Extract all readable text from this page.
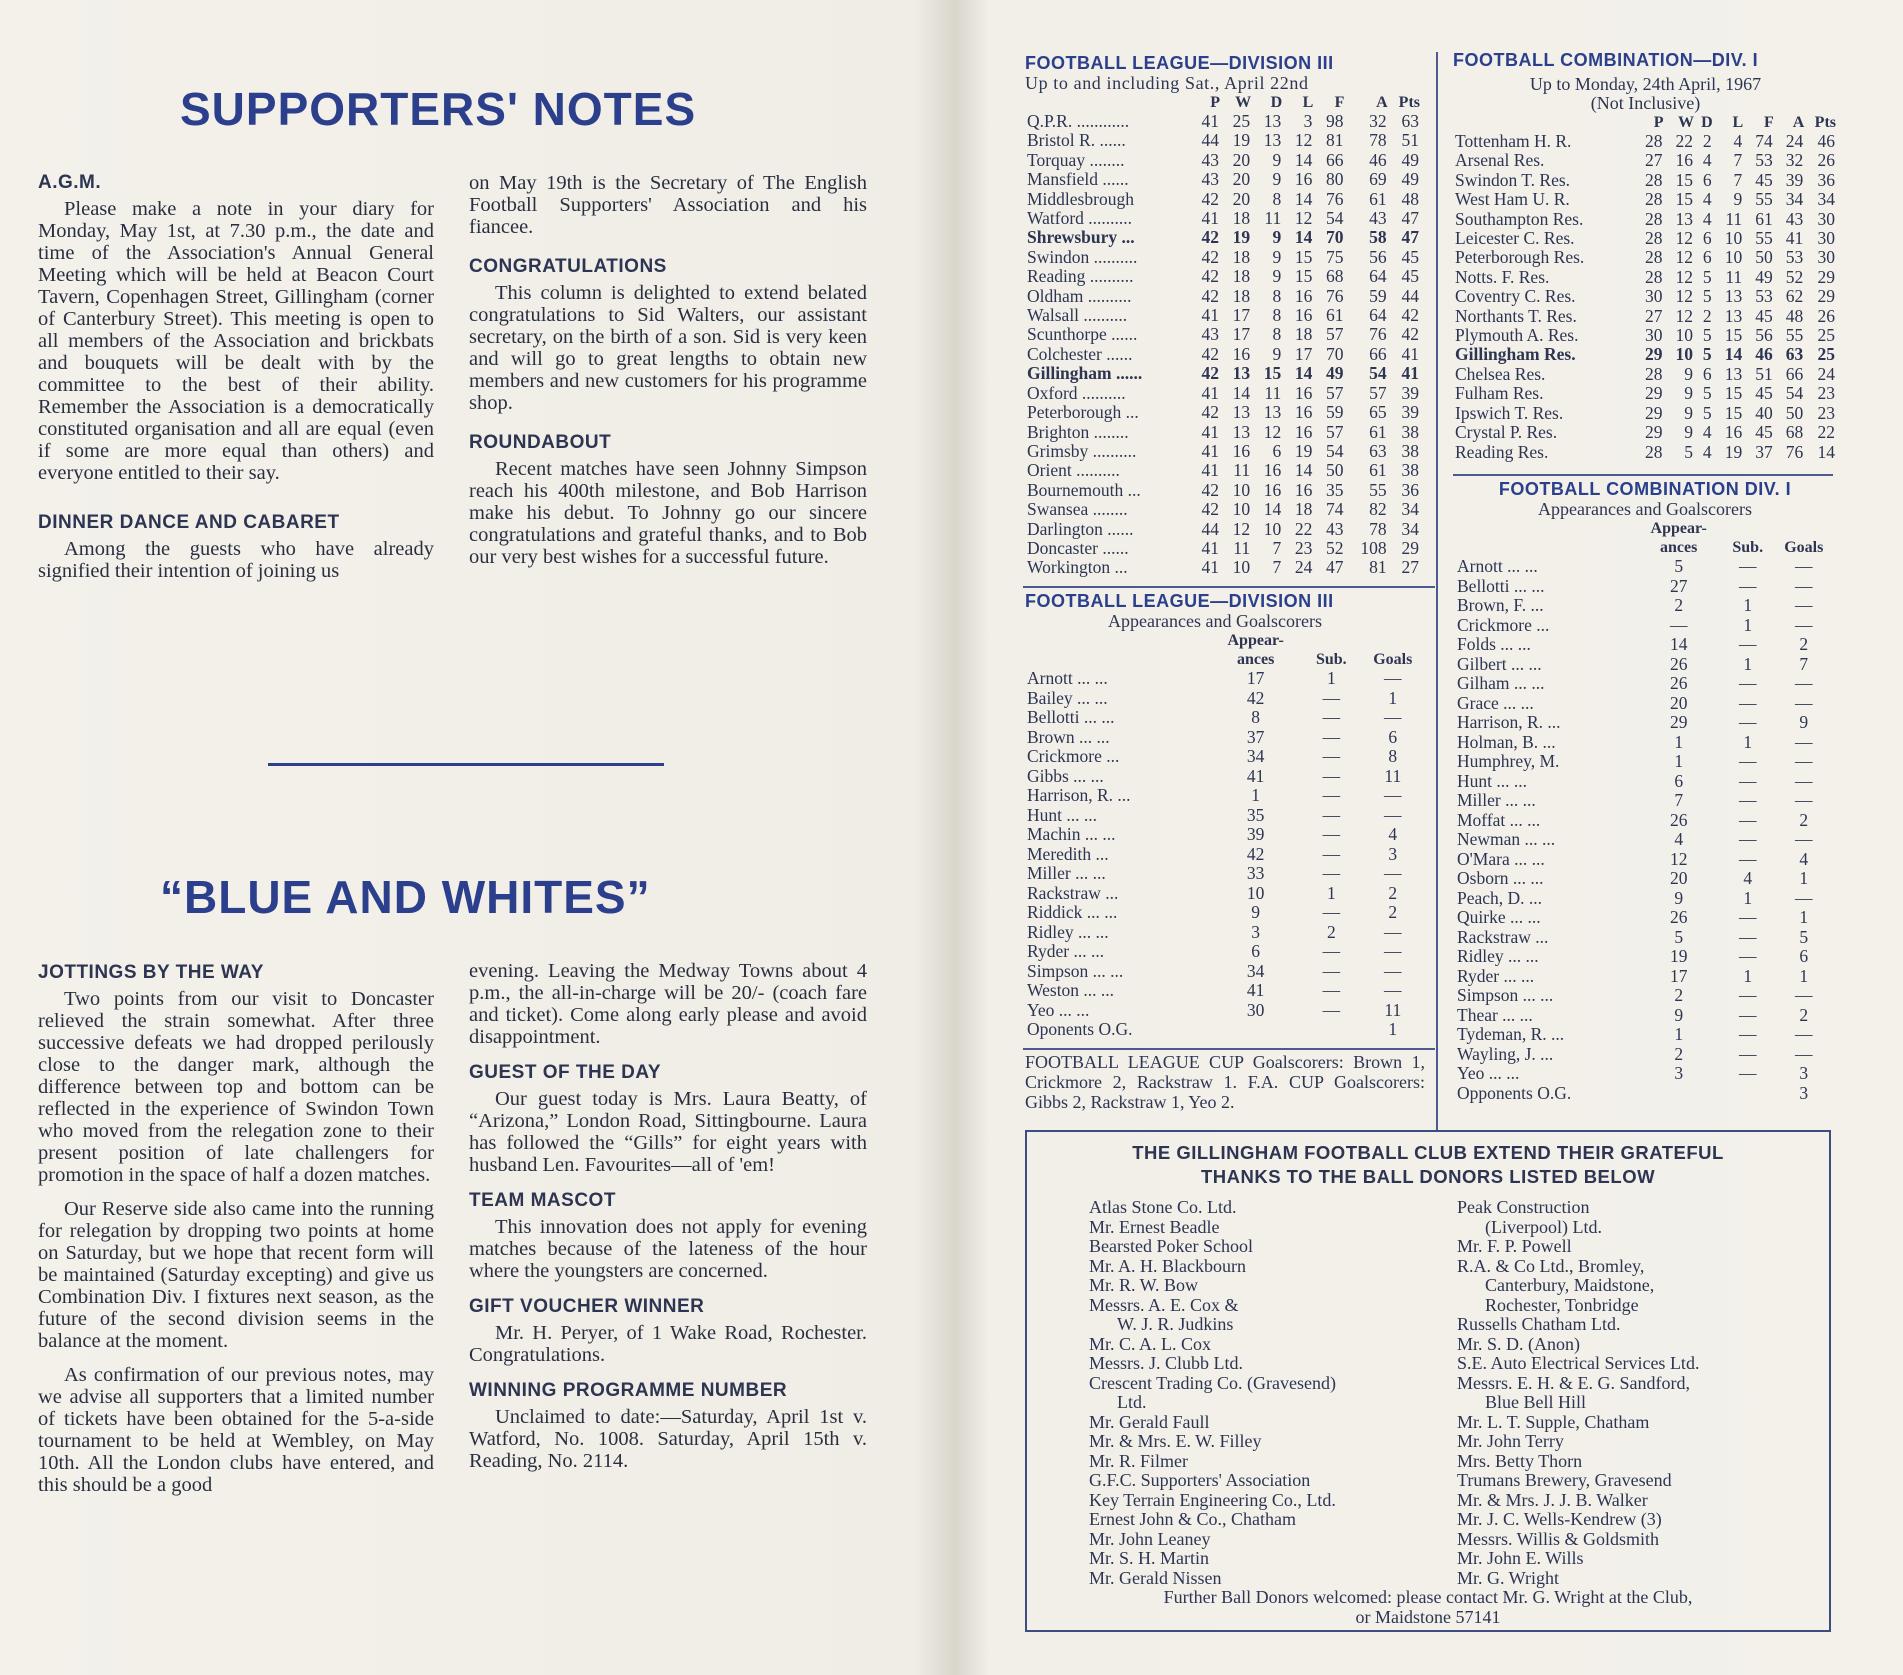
SUPPORTERS' NOTES
A.G.M.

Please make a note in your diary for Monday, May 1st, at 7.30 p.m., the date and time of the Association's Annual General Meeting which will be held at Beacon Court Tavern, Copenhagen Street, Gillingham (corner of Canterbury Street). This meeting is open to all members of the Association and brickbats and bouquets will be dealt with by the committee to the best of their ability. Remember the Association is a democratically constituted organisation and all are equal (even if some are more equal than others) and everyone entitled to their say.

DINNER DANCE AND CABARET

Among the guests who have already signified their intention of joining us

on May 19th is the Secretary of The English Football Supporters' Association and his fiancee.

CONGRATULATIONS

This column is delighted to extend belated congratulations to Sid Walters, our assistant secretary, on the birth of a son. Sid is very keen and will go to great lengths to obtain new members and new customers for his programme shop.

ROUNDABOUT

Recent matches have seen Johnny Simpson reach his 400th milestone, and Bob Harrison make his debut. To Johnny go our sincere congratulations and grateful thanks, and to Bob our very best wishes for a successful future.

“BLUE AND WHITES”
JOTTINGS BY THE WAY

Two points from our visit to Doncaster relieved the strain somewhat. After three successive defeats we had dropped perilously close to the danger mark, although the difference between top and bottom can be reflected in the experience of Swindon Town who moved from the relegation zone to their present position of late challengers for promotion in the space of half a dozen matches.

Our Reserve side also came into the running for relegation by dropping two points at home on Saturday, but we hope that recent form will be maintained (Saturday excepting) and give us Combination Div. I fixtures next season, as the future of the second division seems in the balance at the moment.

As confirmation of our previous notes, may we advise all supporters that a limited number of tickets have been obtained for the 5-a-side tournament to be held at Wembley, on May 10th. All the London clubs have entered, and this should be a good

evening. Leaving the Medway Towns about 4 p.m., the all-in-charge will be 20/- (coach fare and ticket). Come along early please and avoid disappointment.

GUEST OF THE DAY

Our guest today is Mrs. Laura Beatty, of “Arizona,” London Road, Sittingbourne. Laura has followed the “Gills” for eight years with husband Len. Favourites—all of 'em!

TEAM MASCOT

This innovation does not apply for evening matches because of the lateness of the hour where the youngsters are concerned.

GIFT VOUCHER WINNER

Mr. H. Peryer, of 1 Wake Road, Rochester. Congratulations.

WINNING PROGRAMME NUMBER

Unclaimed to date:—Saturday, April 1st v. Watford, No. 1008. Saturday, April 15th v. Reading, No. 2114.

FOOTBALL LEAGUE—DIVISION III
Up to and including Sat., April 22nd
	P	W	D	L	F	A	Pts
Q.P.R. ............	41	25	13	3	98	32	63
Bristol R. ......	44	19	13	12	81	78	51
Torquay ........	43	20	9	14	66	46	49
Mansfield ......	43	20	9	16	80	69	49
Middlesbrough	42	20	8	14	76	61	48
Watford ..........	41	18	11	12	54	43	47
Shrewsbury ...	42	19	9	14	70	58	47
Swindon ..........	42	18	9	15	75	56	45
Reading ..........	42	18	9	15	68	64	45
Oldham ..........	42	18	8	16	76	59	44
Walsall ..........	41	17	8	16	61	64	42
Scunthorpe ......	43	17	8	18	57	76	42
Colchester ......	42	16	9	17	70	66	41
Gillingham ......	42	13	15	14	49	54	41
Oxford ..........	41	14	11	16	57	57	39
Peterborough ...	42	13	13	16	59	65	39
Brighton ........	41	13	12	16	57	61	38
Grimsby ..........	41	16	6	19	54	63	38
Orient ..........	41	11	16	14	50	61	38
Bournemouth ...	42	10	16	16	35	55	36
Swansea ........	42	10	14	18	74	82	34
Darlington ......	44	12	10	22	43	78	34
Doncaster ......	41	11	7	23	52	108	29
Workington ...	41	10	7	24	47	81	27
FOOTBALL LEAGUE—DIVISION III
Appearances and Goalscorers
	Appear-		
	ances	Sub.	Goals
Arnott ... ...	17	1	—
Bailey ... ...	42	—	1
Bellotti ... ...	8	—	—
Brown ... ...	37	—	6
Crickmore ...	34	—	8
Gibbs ... ...	41	—	11
Harrison, R. ...	1	—	—
Hunt ... ...	35	—	—
Machin ... ...	39	—	4
Meredith ...	42	—	3
Miller ... ...	33	—	—
Rackstraw ...	10	1	2
Riddick ... ...	9	—	2
Ridley ... ...	3	2	—
Ryder ... ...	6	—	—
Simpson ... ...	34	—	—
Weston ... ...	41	—	—
Yeo ... ...	30	—	11
Oponents O.G.			1
FOOTBALL LEAGUE CUP Goalscorers: Brown 1, Crickmore 2, Rackstraw 1. F.A. CUP Goalscorers: Gibbs 2, Rackstraw 1, Yeo 2.
FOOTBALL COMBINATION—DIV. I
Up to Monday, 24th April, 1967
(Not Inclusive)
	P	W	D	L	F	A	Pts
Tottenham H. R.	28	22	2	4	74	24	46
Arsenal Res.	27	16	4	7	53	32	26
Swindon T. Res.	28	15	6	7	45	39	36
West Ham U. R.	28	15	4	9	55	34	34
Southampton Res.	28	13	4	11	61	43	30
Leicester C. Res.	28	12	6	10	55	41	30
Peterborough Res.	28	12	6	10	50	53	30
Notts. F. Res.	28	12	5	11	49	52	29
Coventry C. Res.	30	12	5	13	53	62	29
Northants T. Res.	27	12	2	13	45	48	26
Plymouth A. Res.	30	10	5	15	56	55	25
Gillingham Res.	29	10	5	14	46	63	25
Chelsea Res.	28	9	6	13	51	66	24
Fulham Res.	29	9	5	15	45	54	23
Ipswich T. Res.	29	9	5	15	40	50	23
Crystal P. Res.	29	9	4	16	45	68	22
Reading Res.	28	5	4	19	37	76	14
FOOTBALL COMBINATION DIV. I
Appearances and Goalscorers
	Appear-		
	ances	Sub.	Goals
Arnott ... ...	5	—	—
Bellotti ... ...	27	—	—
Brown, F. ...	2	1	—
Crickmore ...	—	1	—
Folds ... ...	14	—	2
Gilbert ... ...	26	1	7
Gilham ... ...	26	—	—
Grace ... ...	20	—	—
Harrison, R. ...	29	—	9
Holman, B. ...	1	1	—
Humphrey, M.	1	—	—
Hunt ... ...	6	—	—
Miller ... ...	7	—	—
Moffat ... ...	26	—	2
Newman ... ...	4	—	—
O'Mara ... ...	12	—	4
Osborn ... ...	20	4	1
Peach, D. ...	9	1	—
Quirke ... ...	26	—	1
Rackstraw ...	5	—	5
Ridley ... ...	19	—	6
Ryder ... ...	17	1	1
Simpson ... ...	2	—	—
Thear ... ...	9	—	2
Tydeman, R. ...	1	—	—
Wayling, J. ...	2	—	—
Yeo ... ...	3	—	3
Opponents O.G.			3
THE GILLINGHAM FOOTBALL CLUB EXTEND THEIR GRATEFUL
THANKS TO THE BALL DONORS LISTED BELOW
Atlas Stone Co. Ltd.
Mr. Ernest Beadle
Bearsted Poker School
Mr. A. H. Blackbourn
Mr. R. W. Bow
Messrs. A. E. Cox &
W. J. R. Judkins
Mr. C. A. L. Cox
Messrs. J. Clubb Ltd.
Crescent Trading Co. (Gravesend)
Ltd.
Mr. Gerald Faull
Mr. & Mrs. E. W. Filley
Mr. R. Filmer
G.F.C. Supporters' Association
Key Terrain Engineering Co., Ltd.
Ernest John & Co., Chatham
Mr. John Leaney
Mr. S. H. Martin
Mr. Gerald Nissen
Peak Construction
(Liverpool) Ltd.
Mr. F. P. Powell
R.A. & Co Ltd., Bromley,
Canterbury, Maidstone,
Rochester, Tonbridge
Russells Chatham Ltd.
Mr. S. D. (Anon)
S.E. Auto Electrical Services Ltd.
Messrs. E. H. & E. G. Sandford,
Blue Bell Hill
Mr. L. T. Supple, Chatham
Mr. John Terry
Mrs. Betty Thorn
Trumans Brewery, Gravesend
Mr. & Mrs. J. J. B. Walker
Mr. J. C. Wells-Kendrew (3)
Messrs. Willis & Goldsmith
Mr. John E. Wills
Mr. G. Wright
Further Ball Donors welcomed: please contact Mr. G. Wright at the Club,
or Maidstone 57141
